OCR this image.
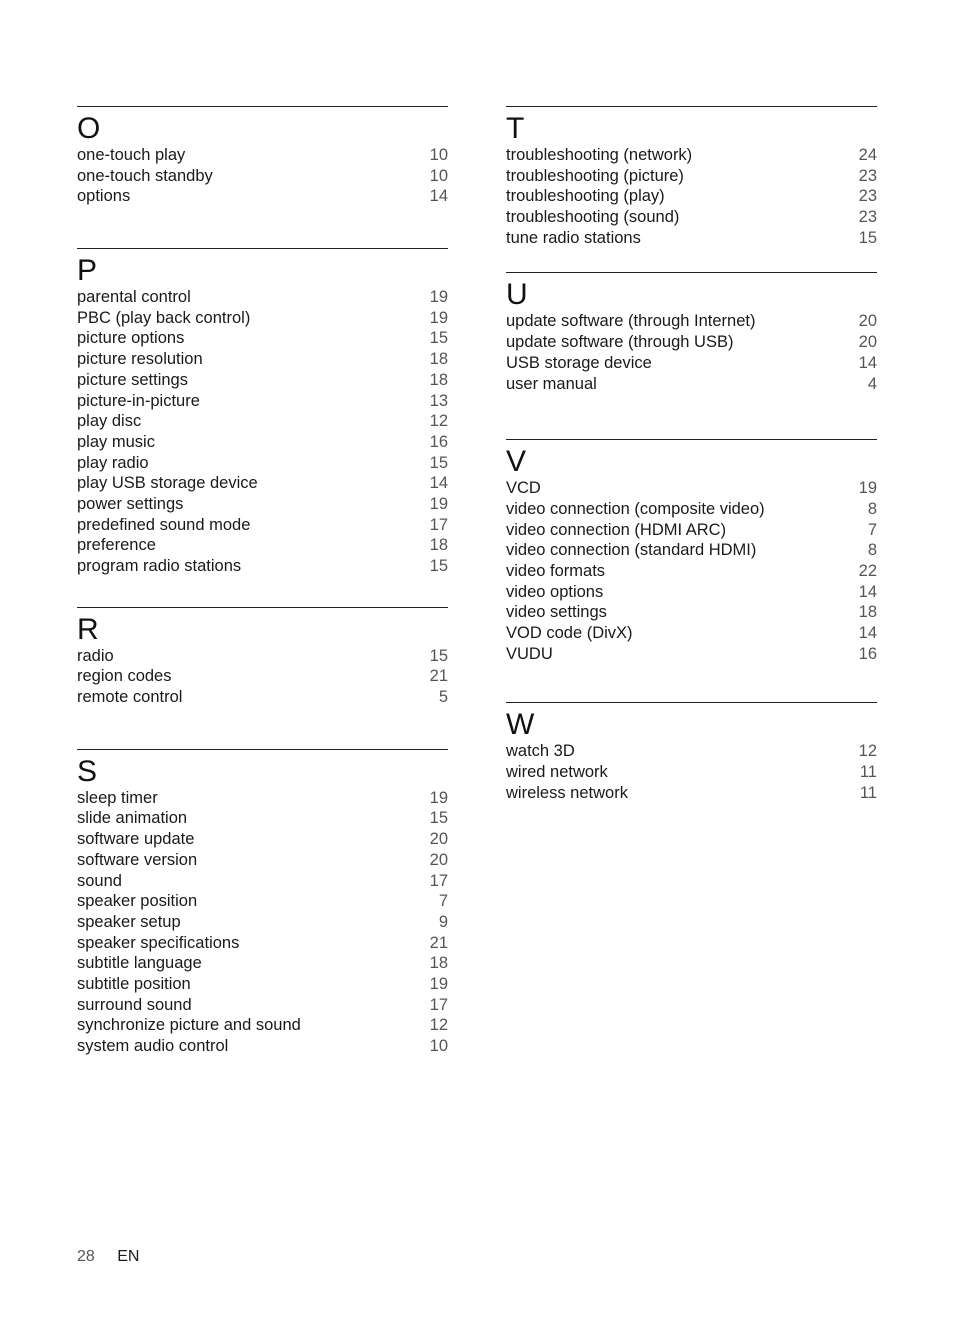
O
one-touch play	10
one-touch standby	10
options	14
P
parental control	19
PBC (play back control)	19
picture options	15
picture resolution	18
picture settings	18
picture-in-picture	13
play disc	12
play music	16
play radio	15
play USB storage device	14
power settings	19
predefined sound mode	17
preference	18
program radio stations	15
R
radio	15
region codes	21
remote control	5
S
sleep timer	19
slide animation	15
software update	20
software version	20
sound	17
speaker position	7
speaker setup	9
speaker specifications	21
subtitle language	18
subtitle position	19
surround sound	17
synchronize picture and sound	12
system audio control	10
T
troubleshooting (network)	24
troubleshooting (picture)	23
troubleshooting (play)	23
troubleshooting (sound)	23
tune radio stations	15
U
update software (through Internet)	20
update software (through USB)	20
USB storage device	14
user manual	4
V
VCD	19
video connection (composite video)	8
video connection (HDMI ARC)	7
video connection (standard HDMI)	8
video formats	22
video options	14
video settings	18
VOD code (DivX)	14
VUDU	16
W
watch 3D	12
wired network	11
wireless network	11
28 EN
